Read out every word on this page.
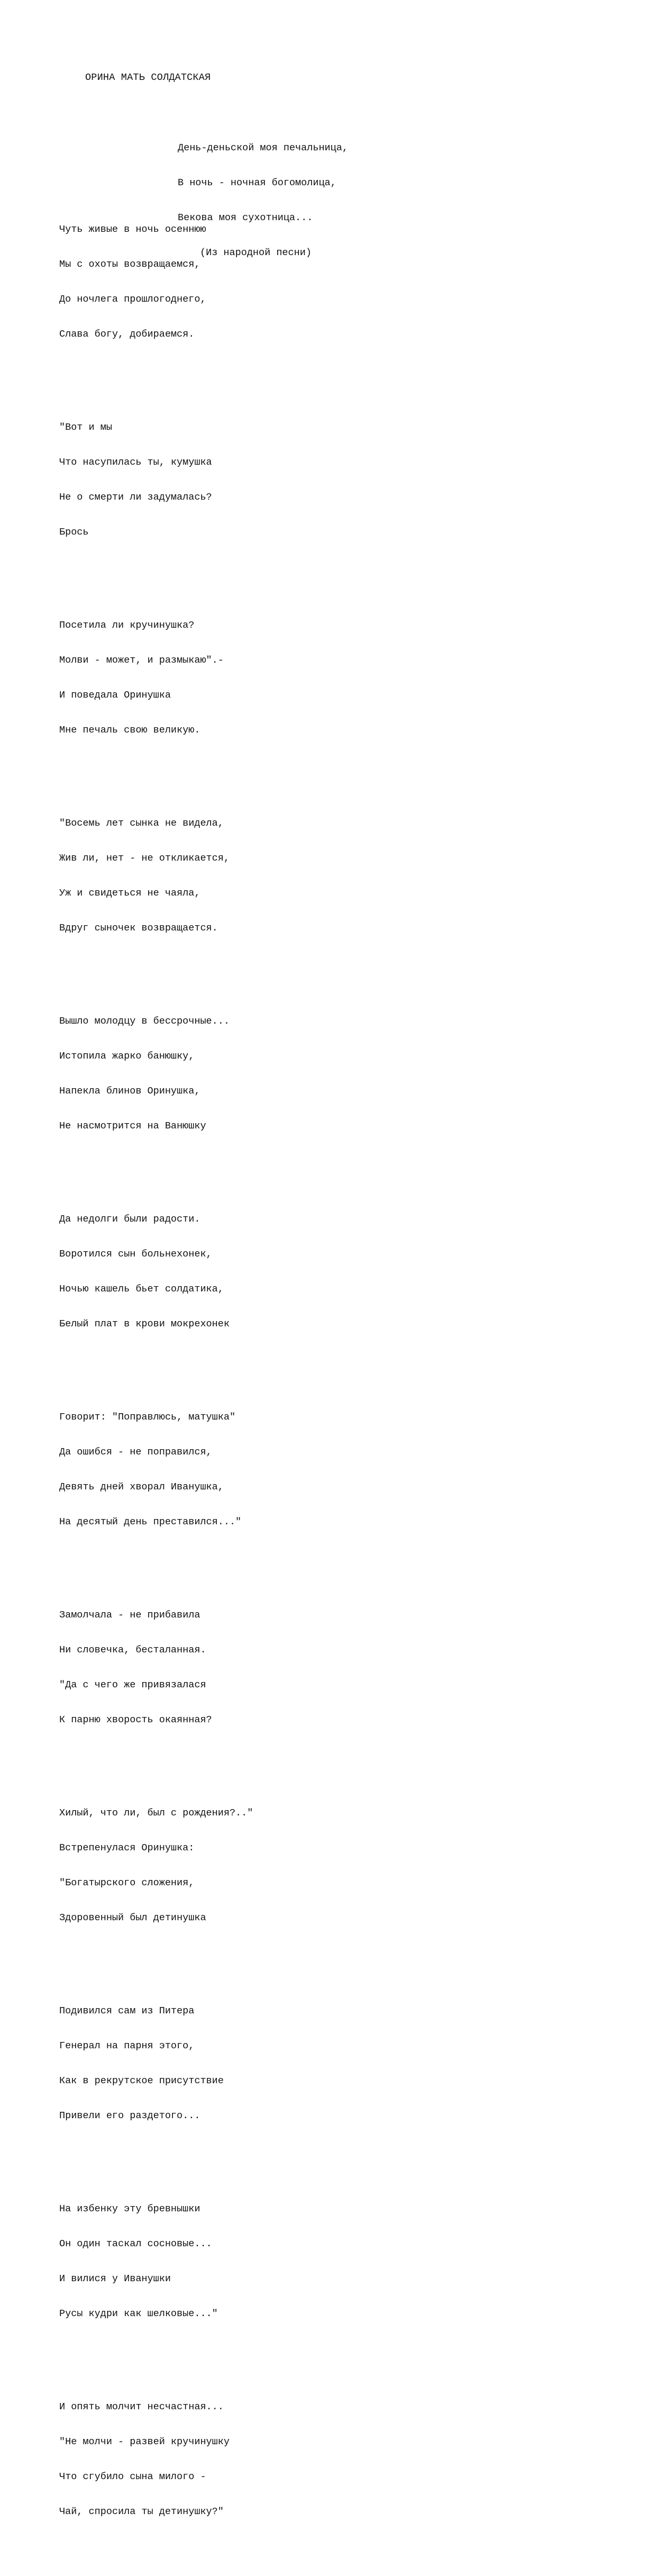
ОРИНА МАТЬ СОЛДАТСКАЯ

День-деньской моя печальница,

В ночь - ночная богомолица,

Векова моя сухотница...

(Из народной песни)

Чуть живые в ночь осеннюю

Мы с охоты возвращаемся,

До ночлега прошлогоднего,

Слава богу, добираемся.

"Вот и мы

Что насупилась ты, кумушка

Не о смерти ли задумалась?

Брось

Посетила ли кручинушка?

Молви - может, и размыкаю".-

И поведала Оринушка

Мне печаль свою великую.

"Восемь лет сынка не видела,

Жив ли, нет - не откликается,

Уж и свидеться не чаяла,

Вдруг сыночек возвращается.

Вышло молодцу в бессрочные...

Истопила жарко банюшку,

Напекла блинов Оринушка,

Не насмотрится на Ванюшку

Да недолги были радости.

Воротился сын больнехонек,

Ночью кашель бьет солдатика,

Белый плат в крови мокрехонек

Говорит: "Поправлюсь, матушка"

Да ошибся - не поправился,

Девять дней хворал Иванушка,

На десятый день преставился..."

Замолчала - не прибавила

Ни словечка, бесталанная.

"Да с чего же привязалася

К парню хворость окаянная?

Хилый, что ли, был с рождения?.."

Встрепенулася Оринушка:

"Богатырского сложения,

Здоровенный был детинушка

Подивился сам из Питера

Генерал на парня этого,

Как в рекрутское присутствие

Привели его раздетого...

На избенку эту бревнышки

Он один таскал сосновые...

И вилися у Иванушки

Русы кудри как шелковые..."

И опять молчит несчастная...

"Не молчи - развей кручинушку

Что сгубило сына милого -

Чай, спросила ты детинушку?"
